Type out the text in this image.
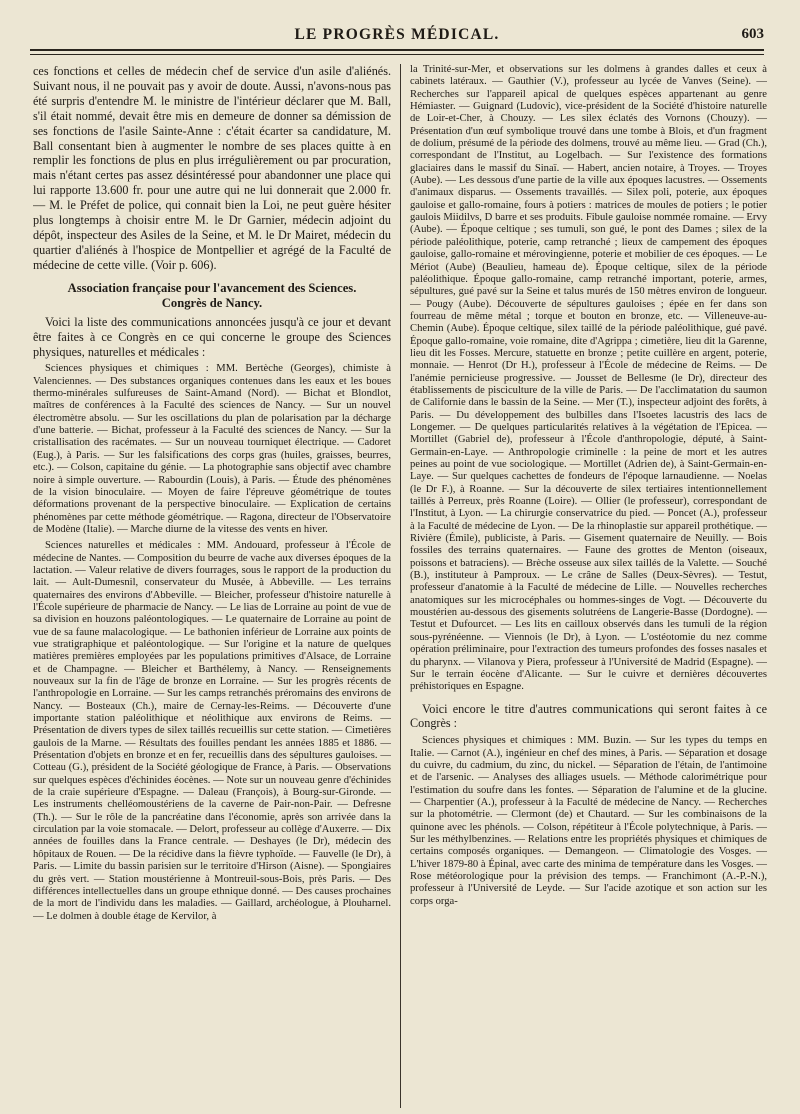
LE PROGRÈS MÉDICAL.	603

ces fonctions et celles de médecin chef de service d'un asile d'aliénés. Suivant nous, il ne pouvait pas y avoir de doute. Aussi, n'avons-nous pas été surpris d'entendre M. le ministre de l'intérieur déclarer que M. Ball, s'il était nommé, devait être mis en demeure de donner sa démission de ses fonctions de l'asile Sainte-Anne : c'était écarter sa candidature, M. Ball consentant bien à augmenter le nombre de ses places quitte à en remplir les fonctions de plus en plus irrégulièrement ou par procuration, mais n'étant certes pas assez désintéressé pour abandonner une place qui lui rapporte 13.600 fr. pour une autre qui ne lui donnerait que 2.000 fr. — M. le Préfet de police, qui connait bien la Loi, ne peut guère hésiter plus longtemps à choisir entre M. le Dr Garnier, médecin adjoint du dépôt, inspecteur des Asiles de la Seine, et M. le Dr Mairet, médecin du quartier d'aliénés à l'hospice de Montpellier et agrégé de la Faculté de médecine de cette ville. (Voir p. 606).

Association française pour l'avancement des Sciences.
Congrès de Nancy.

Voici la liste des communications annoncées jusqu'à ce jour et devant être faites à ce Congrès en ce qui concerne le groupe des Sciences physiques, naturelles et médicales :

Sciences physiques et chimiques : MM. Bertèche (Georges), chimiste à Valenciennes. — Des substances organiques contenues dans les eaux et les boues thermo-minérales sulfureuses de Saint-Amand (Nord). — Bichat et Blondlot, maîtres de conférences à la Faculté des sciences de Nancy. — Sur un nouvel électromètre absolu. — Sur les oscillations du plan de polarisation par la décharge d'une batterie. — Bichat, professeur à la Faculté des sciences de Nancy. — Sur la cristallisation des racémates. — Sur un nouveau tourniquet électrique. — Cadoret (Eug.), à Paris. — Sur les falsifications des corps gras (huiles, graisses, beurres, etc.). — Colson, capitaine du génie. — La photographie sans objectif avec chambre noire à simple ouverture. — Rabourdin (Louis), à Paris. — Étude des phénomènes de la vision binoculaire. — Moyen de faire l'épreuve géométrique de toutes déformations provenant de la perspective binoculaire. — Explication de certains phénomènes par cette méthode géométrique. — Ragona, directeur de l'Observatoire de Modène (Italie). — Marche diurne de la vitesse des vents en hiver.

Sciences naturelles et médicales : MM. Andouard, professeur à l'École de médecine de Nantes. — Composition du beurre de vache aux diverses époques de la lactation. — Valeur relative de divers fourrages, sous le rapport de la production du lait. — Ault-Dumesnil, conservateur du Musée, à Abbeville. — Les terrains quaternaires des environs d'Abbeville. — Bleicher, professeur d'histoire naturelle à l'École supérieure de pharmacie de Nancy. — Le lias de Lorraine au point de vue de sa division en houzons paléontologiques. — Le quaternaire de Lorraine au point de vue de sa faune malacologique. — Le bathonien inférieur de Lorraine aux points de vue stratigraphique et paléontologique. — Sur l'origine et la nature de quelques matières premières employées par les populations primitives d'Alsace, de Lorraine et de Champagne. — Bleicher et Barthélemy, à Nancy. — Renseignements nouveaux sur la fin de l'âge de bronze en Lorraine. — Sur les progrès récents de l'anthropologie en Lorraine. — Sur les camps retranchés préromains des environs de Nancy. — Bosteaux (Ch.), maire de Cernay-les-Reims. — Découverte d'une importante station paléolithique et néolithique aux environs de Reims. — Présentation de divers types de silex taillés recueillis sur cette station. — Cimetières gaulois de la Marne. — Résultats des fouilles pendant les années 1885 et 1886. — Présentation d'objets en bronze et en fer, recueillis dans des sépultures gauloises. — Cotteau (G.), président de la Société géologique de France, à Paris. — Observations sur quelques espèces d'échinides éocènes. — Note sur un nouveau genre d'échinides de la craie supérieure d'Espagne. — Daleau (François), à Bourg-sur-Gironde. — Les instruments chelléomoustériens de la caverne de Pair-non-Pair. — Defresne (Th.). — Sur le rôle de la pancréatine dans l'économie, après son arrivée dans la circulation par la voie stomacale. — Delort, professeur au collège d'Auxerre. — Dix années de fouilles dans la France centrale. — Deshayes (le Dr), médecin des hôpitaux de Rouen. — De la récidive dans la fièvre typhoïde. — Fauvelle (le Dr), à Paris. — Limite du bassin parisien sur le territoire d'Hirson (Aisne). — Spongiaires du grès vert. — Station moustérienne à Montreuil-sous-Bois, près Paris. — Des différences intellectuelles dans un groupe ethnique donné. — Des causes prochaines de la mort de l'individu dans les maladies. — Gaillard, archéologue, à Plouharnel. — Le dolmen à double étage de Kervilor, à

la Trinité-sur-Mer, et observations sur les dolmens à grandes dalles et ceux à cabinets latéraux. — Gauthier (V.), professeur au lycée de Vanves (Seine). — Recherches sur l'appareil apical de quelques espèces appartenant au genre Hémiaster. — Guignard (Ludovic), vice-président de la Société d'histoire naturelle de Loir-et-Cher, à Chouzy. — Les silex éclatés des Vornons (Chouzy). — Présentation d'un œuf symbolique trouvé dans une tombe à Blois, et d'un fragment de dolium, présumé de la période des dolmens, trouvé au même lieu. — Grad (Ch.), correspondant de l'Institut, au Logelbach. — Sur l'existence des formations glaciaires dans le massif du Sinaï. — Habert, ancien notaire, à Troyes. — Troyes (Aube). — Les dessous d'une partie de la ville aux époques lacustres. — Ossements d'animaux disparus. — Ossements travaillés. — Silex poli, poterie, aux époques gauloise et gallo-romaine, fours à potiers : matrices de moules de potiers ; le potier gaulois Miidilvs, D barre et ses produits. Fibule gauloise nommée romaine. — Ervy (Aube). — Époque celtique ; ses tumuli, son gué, le pont des Dames ; silex de la période paléolithique, poterie, camp retranché ; lieux de campement des époques gauloise, gallo-romaine et mérovingienne, poterie et mobilier de ces époques. — Le Mériot (Aube) (Beaulieu, hameau de). Époque celtique, silex de la période paléolithique. Époque gallo-romaine, camp retranché important, poterie, armes, sépultures, gué pavé sur la Seine et talus murés de 150 mètres environ de longueur. — Pougy (Aube). Découverte de sépultures gauloises ; épée en fer dans son fourreau de même métal ; torque et bouton en bronze, etc. — Villeneuve-au-Chemin (Aube). Époque celtique, silex taillé de la période paléolithique, gué pavé. Époque gallo-romaine, voie romaine, dite d'Agrippa ; cimetière, lieu dit la Garenne, lieu dit les Fosses. Mercure, statuette en bronze ; petite cuillère en argent, poterie, monnaie. — Henrot (Dr H.), professeur à l'École de médecine de Reims. — De l'anémie pernicieuse progressive. — Jousset de Bellesme (le Dr), directeur des établissements de pisciculture de la ville de Paris. — De l'acclimatation du saumon de Californie dans le bassin de la Seine. — Mer (T.), inspecteur adjoint des forêts, à Paris. — Du développement des bulbilles dans l'Isoetes lacustris des lacs de Longemer. — De quelques particularités relatives à la végétation de l'Epicea. — Mortillet (Gabriel de), professeur à l'École d'anthropologie, député, à Saint-Germain-en-Laye. — Anthropologie criminelle : la peine de mort et les autres peines au point de vue sociologique. — Mortillet (Adrien de), à Saint-Germain-en-Laye. — Sur quelques cachettes de fondeurs de l'époque larnaudienne. — Noelas (le Dr F.), à Roanne. — Sur la découverte de silex tertiaires intentionnellement taillés à Perreux, près Roanne (Loire). — Ollier (le professeur), correspondant de l'Institut, à Lyon. — La chirurgie conservatrice du pied. — Poncet (A.), professeur à la Faculté de médecine de Lyon. — De la rhinoplastie sur appareil prothétique. — Rivière (Émile), publiciste, à Paris. — Gisement quaternaire de Neuilly. — Bois fossiles des terrains quaternaires. — Faune des grottes de Menton (oiseaux, poissons et batraciens). — Brèche osseuse aux silex taillés de la Valette. — Souché (B.), instituteur à Pamproux. — Le crâne de Salles (Deux-Sèvres). — Testut, professeur d'anatomie à la Faculté de médecine de Lille. — Nouvelles recherches anatomiques sur les microcéphales ou hommes-singes de Vogt. — Découverte du moustérien au-dessous des gisements solutréens de Langerie-Basse (Dordogne). — Testut et Dufourcet. — Les lits en cailloux observés dans les tumuli de la région sous-pyrénéenne. — Viennois (le Dr), à Lyon. — L'ostéotomie du nez comme opération préliminaire, pour l'extraction des tumeurs profondes des fosses nasales et du pharynx. — Vilanova y Piera, professeur à l'Université de Madrid (Espagne). — Sur le terrain éocène d'Alicante. — Sur le cuivre et dernières découvertes préhistoriques en Espagne.

Voici encore le titre d'autres communications qui seront faites à ce Congrès :

Sciences physiques et chimiques : MM. Buzin. — Sur les types du temps en Italie. — Carnot (A.), ingénieur en chef des mines, à Paris. — Séparation et dosage du cuivre, du cadmium, du zinc, du nickel. — Séparation de l'étain, de l'antimoine et de l'arsenic. — Analyses des alliages usuels. — Méthode calorimétrique pour l'estimation du soufre dans les fontes. — Séparation de l'alumine et de la glucine. — Charpentier (A.), professeur à la Faculté de médecine de Nancy. — Recherches sur la photométrie. — Clermont (de) et Chautard. — Sur les combinaisons de la quinone avec les phénols. — Colson, répétiteur à l'École polytechnique, à Paris. — Sur les méthylbenzines. — Relations entre les propriétés physiques et chimiques de certains composés organiques. — Demangeon. — Climatologie des Vosges. — L'hiver 1879-80 à Épinal, avec carte des minima de température dans les Vosges. — Rose météorologique pour la prévision des temps. — Franchimont (A.-P.-N.), professeur à l'Université de Leyde. — Sur l'acide azotique et son action sur les corps orga-
